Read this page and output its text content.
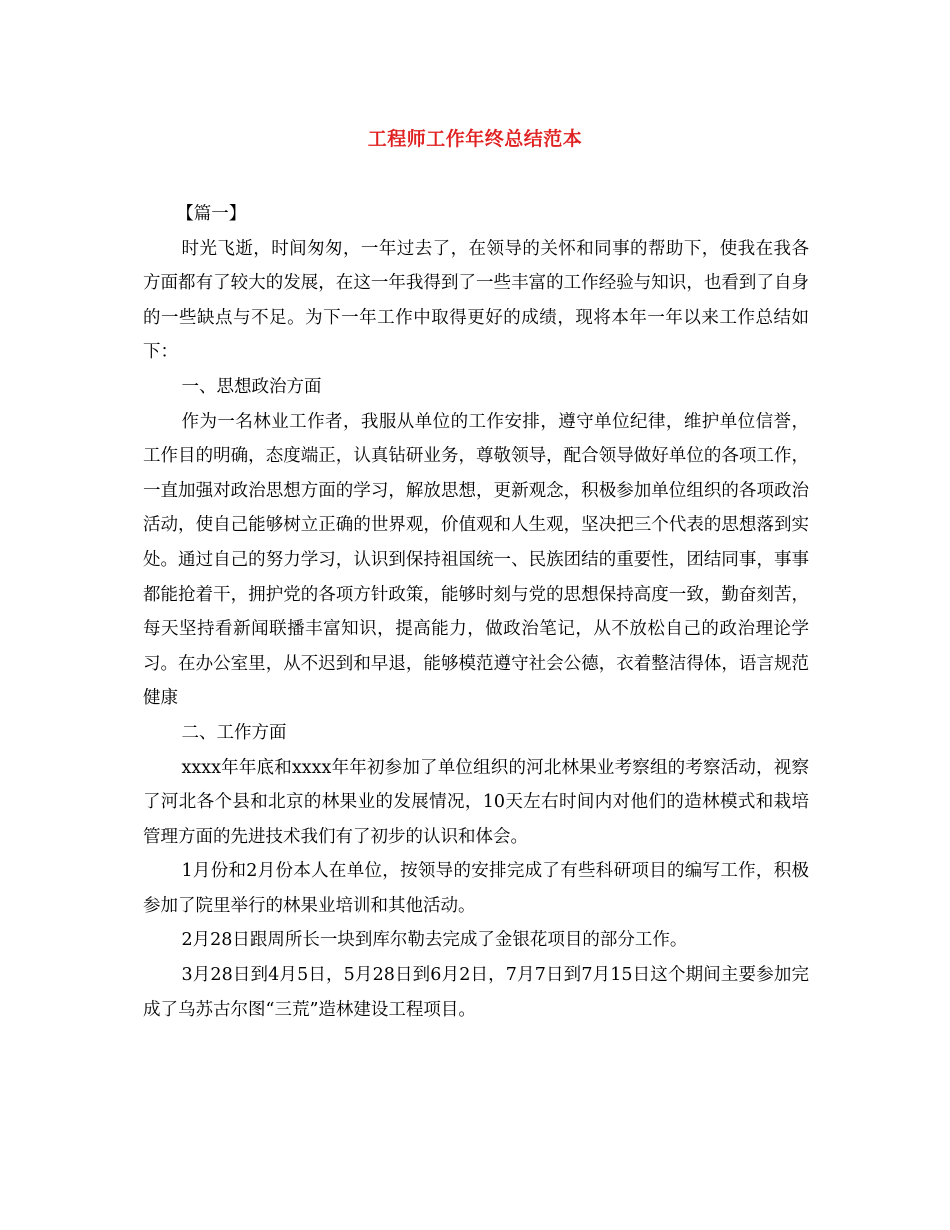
工程师工作年终总结范本

【篇一】

时光飞逝，时间匆匆，一年过去了，在领导的关怀和同事的帮助下，使我在我各方面都有了较大的发展，在这一年我得到了一些丰富的工作经验与知识，也看到了自身的一些缺点与不足。为下一年工作中取得更好的成绩，现将本年一年以来工作总结如下：

一、思想政治方面

作为一名林业工作者，我服从单位的工作安排，遵守单位纪律，维护单位信誉，工作目的明确，态度端正，认真钻研业务，尊敬领导，配合领导做好单位的各项工作，一直加强对政治思想方面的学习，解放思想，更新观念，积极参加单位组织的各项政治活动，使自己能够树立正确的世界观，价值观和人生观，坚决把三个代表的思想落到实处。通过自己的努力学习，认识到保持祖国统一、民族团结的重要性，团结同事，事事都能抢着干，拥护党的各项方针政策，能够时刻与党的思想保持高度一致，勤奋刻苦，每天坚持看新闻联播丰富知识，提高能力，做政治笔记，从不放松自己的政治理论学习。在办公室里，从不迟到和早退，能够模范遵守社会公德，衣着整洁得体，语言规范健康

二、工作方面

xxxx年年底和xxxx年年初参加了单位组织的河北林果业考察组的考察活动，视察了河北各个县和北京的林果业的发展情况，10天左右时间内对他们的造林模式和栽培管理方面的先进技术我们有了初步的认识和体会。

1月份和2月份本人在单位，按领导的安排完成了有些科研项目的编写工作，积极参加了院里举行的林果业培训和其他活动。

2月28日跟周所长一块到库尔勒去完成了金银花项目的部分工作。

3月28日到4月5日，5月28日到6月2日，7月7日到7月15日这个期间主要参加完成了乌苏古尔图“三荒”造林建设工程项目。
